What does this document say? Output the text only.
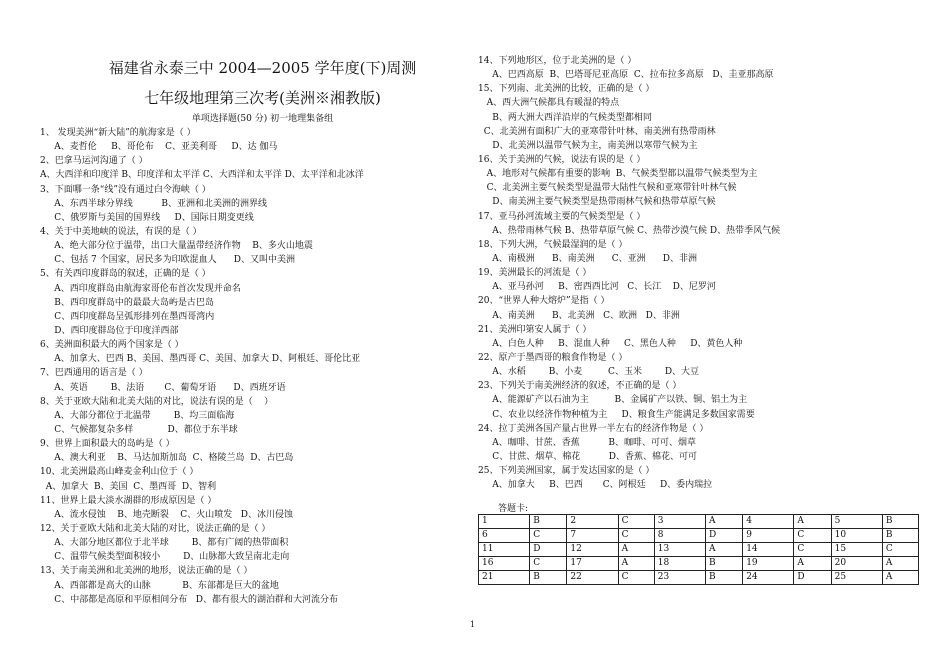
福建省永泰三中 2004—2005 学年度(下)周测
七年级地理第三次考(美洲※湘教版)
单项选择题(50 分) 初一地理集备组
1、 发现美洲“新大陆”的航海家是（ ）
A、麦哲伦     B、哥伦布    C、亚美利哥     D、达 伽马
2、巴拿马运河沟通了（ ）
A、大西洋和印度洋 B、印度洋和太平洋 C、大西洋和太平洋 D、太平洋和北冰洋
3、下面哪一条“线”没有通过白令海峡（ ）
A、东西半球分界线          B、亚洲和北美洲的洲界线
C、俄罗斯与美国的国界线     D、国际日期变更线
4、关于中美地峡的说法，有误的是（ ）
A、绝大部分位于温带，出口大量温带经济作物    B、多火山地震
C、包括 7 个国家，居民多为印欧混血人      D、又叫中美洲
5、有关西印度群岛的叙述，正确的是（ ）
A、西印度群岛由航海家哥伦布首次发现并命名
B、西印度群岛中的最最大岛屿是古巴岛
C、西印度群岛呈弧形排列在墨西哥湾内
D、西印度群岛位于印度洋西部
6、美洲面积最大的两个国家是（ ）
A、加拿大、巴西 B、美国、墨西哥 C、美国、加拿大 D、阿根廷、哥伦比亚
7、巴西通用的语言是（ ）
A、英语        B、法语       C、葡萄牙语      D、西班牙语
8、关于亚欧大陆和北美大陆的对比，说法有误的是（    ）
A、大部分都位于北温带        B、均三面临海
C、气候都复杂多样            D、都位于东半球
9、世界上面积最大的岛屿是（ ）
A、澳大利亚    B、马达加斯加岛  C、格陵兰岛  D、古巴岛
10、北美洲最高山峰麦金利山位于（ ）
A、加拿大  B、美国  C、墨西哥  D、智利
11、世界上最大淡水湖群的形成原因是（ ）
A、流水侵蚀    B、地壳断裂    C、火山喷发   D、冰川侵蚀
12、关于亚欧大陆和北美大陆的对比，说法正确的是（ ）
A、大部分地区都位于北半球        B、都有广阔的热带面积
C、温带气候类型面积较小        D、山脉都大致呈南北走向
13、关于南美洲和北美洲的地形，说法正确的是（ ）
A、西部都是高大的山脉           B、东部都是巨大的盆地
C、中部都是高原和平原相间分布   D、都有很大的湖泊群和大河流分布
14、下列地形区，位于北美洲的是（ ）
A、巴西高原  B、巴塔哥尼亚高原  C、拉布拉多高原   D、圭亚那高原
15、下列南、北美洲的比较，正确的是（ ）
A、西大洲气候都具有暖湿的特点
B、两大洲大西洋沿岸的气候类型都相同
C、北美洲有面积广大的亚寒带针叶林、南美洲有热带雨林
D、北美洲以温带气候为主，南美洲以寒带气候为主
16、关于美洲的气候，说法有误的是（ ）
A、地形对气候都有重要的影响  B、气候类型都以温带气候类型为主
C、北美洲主要气候类型是温带大陆性气候和亚寒带针叶林气候
D、南美洲主要气候类型是热带雨林气候和热带草原气候
17、亚马孙河流域主要的气候类型是（ ）
A、热带雨林气候 B、热带草原气候 C、热带沙漠气候 D、热带季风气候
18、下列大洲，气候最湿润的是（ ）
A、南极洲      B、南美洲      C、亚洲      D、非洲
19、美洲最长的河流是（ ）
A、亚马孙河     B、密西西比河   C、长江    D、尼罗河
20、“世界人种大熔炉”是指（ ）
A、南美洲      B、北美洲   C、欧洲   D、非洲
21、美洲印第安人属于（ ）
A、白色人种     B、混血人种     C、黑色人种     D、黄色人种
22、原产于墨西哥的粮食作物是（ ）
A、水稻        B、小麦         C、玉米        D、大豆
23、下列关于南美洲经济的叙述，不正确的是（ ）
A、能源矿产以石油为主         B、金属矿产以铁、铜、铝土为主
C、农业以经济作物种植为主     D、粮食生产能满足多数国家需要
24、拉丁美洲各国产量占世界一半左右的经济作物是（ ）
A、咖啡、甘蔗、香蕉          B、咖啡、可可、烟草
C、甘蔗、烟草、棉花          D、香蕉、棉花、可可
25、下列美洲国家，属于发达国家的是（ ）
A、加拿大     B、巴西       C、阿根廷     D、委内瑞拉
答题卡:
1	B	2	C	3	A	4	A	5	B
6	C	7	C	8	D	9	C	10	B
11	D	12	A	13	A	14	C	15	C
16	C	17	A	18	B	19	A	20	A
21	B	22	C	23	B	24	D	25	A
1
